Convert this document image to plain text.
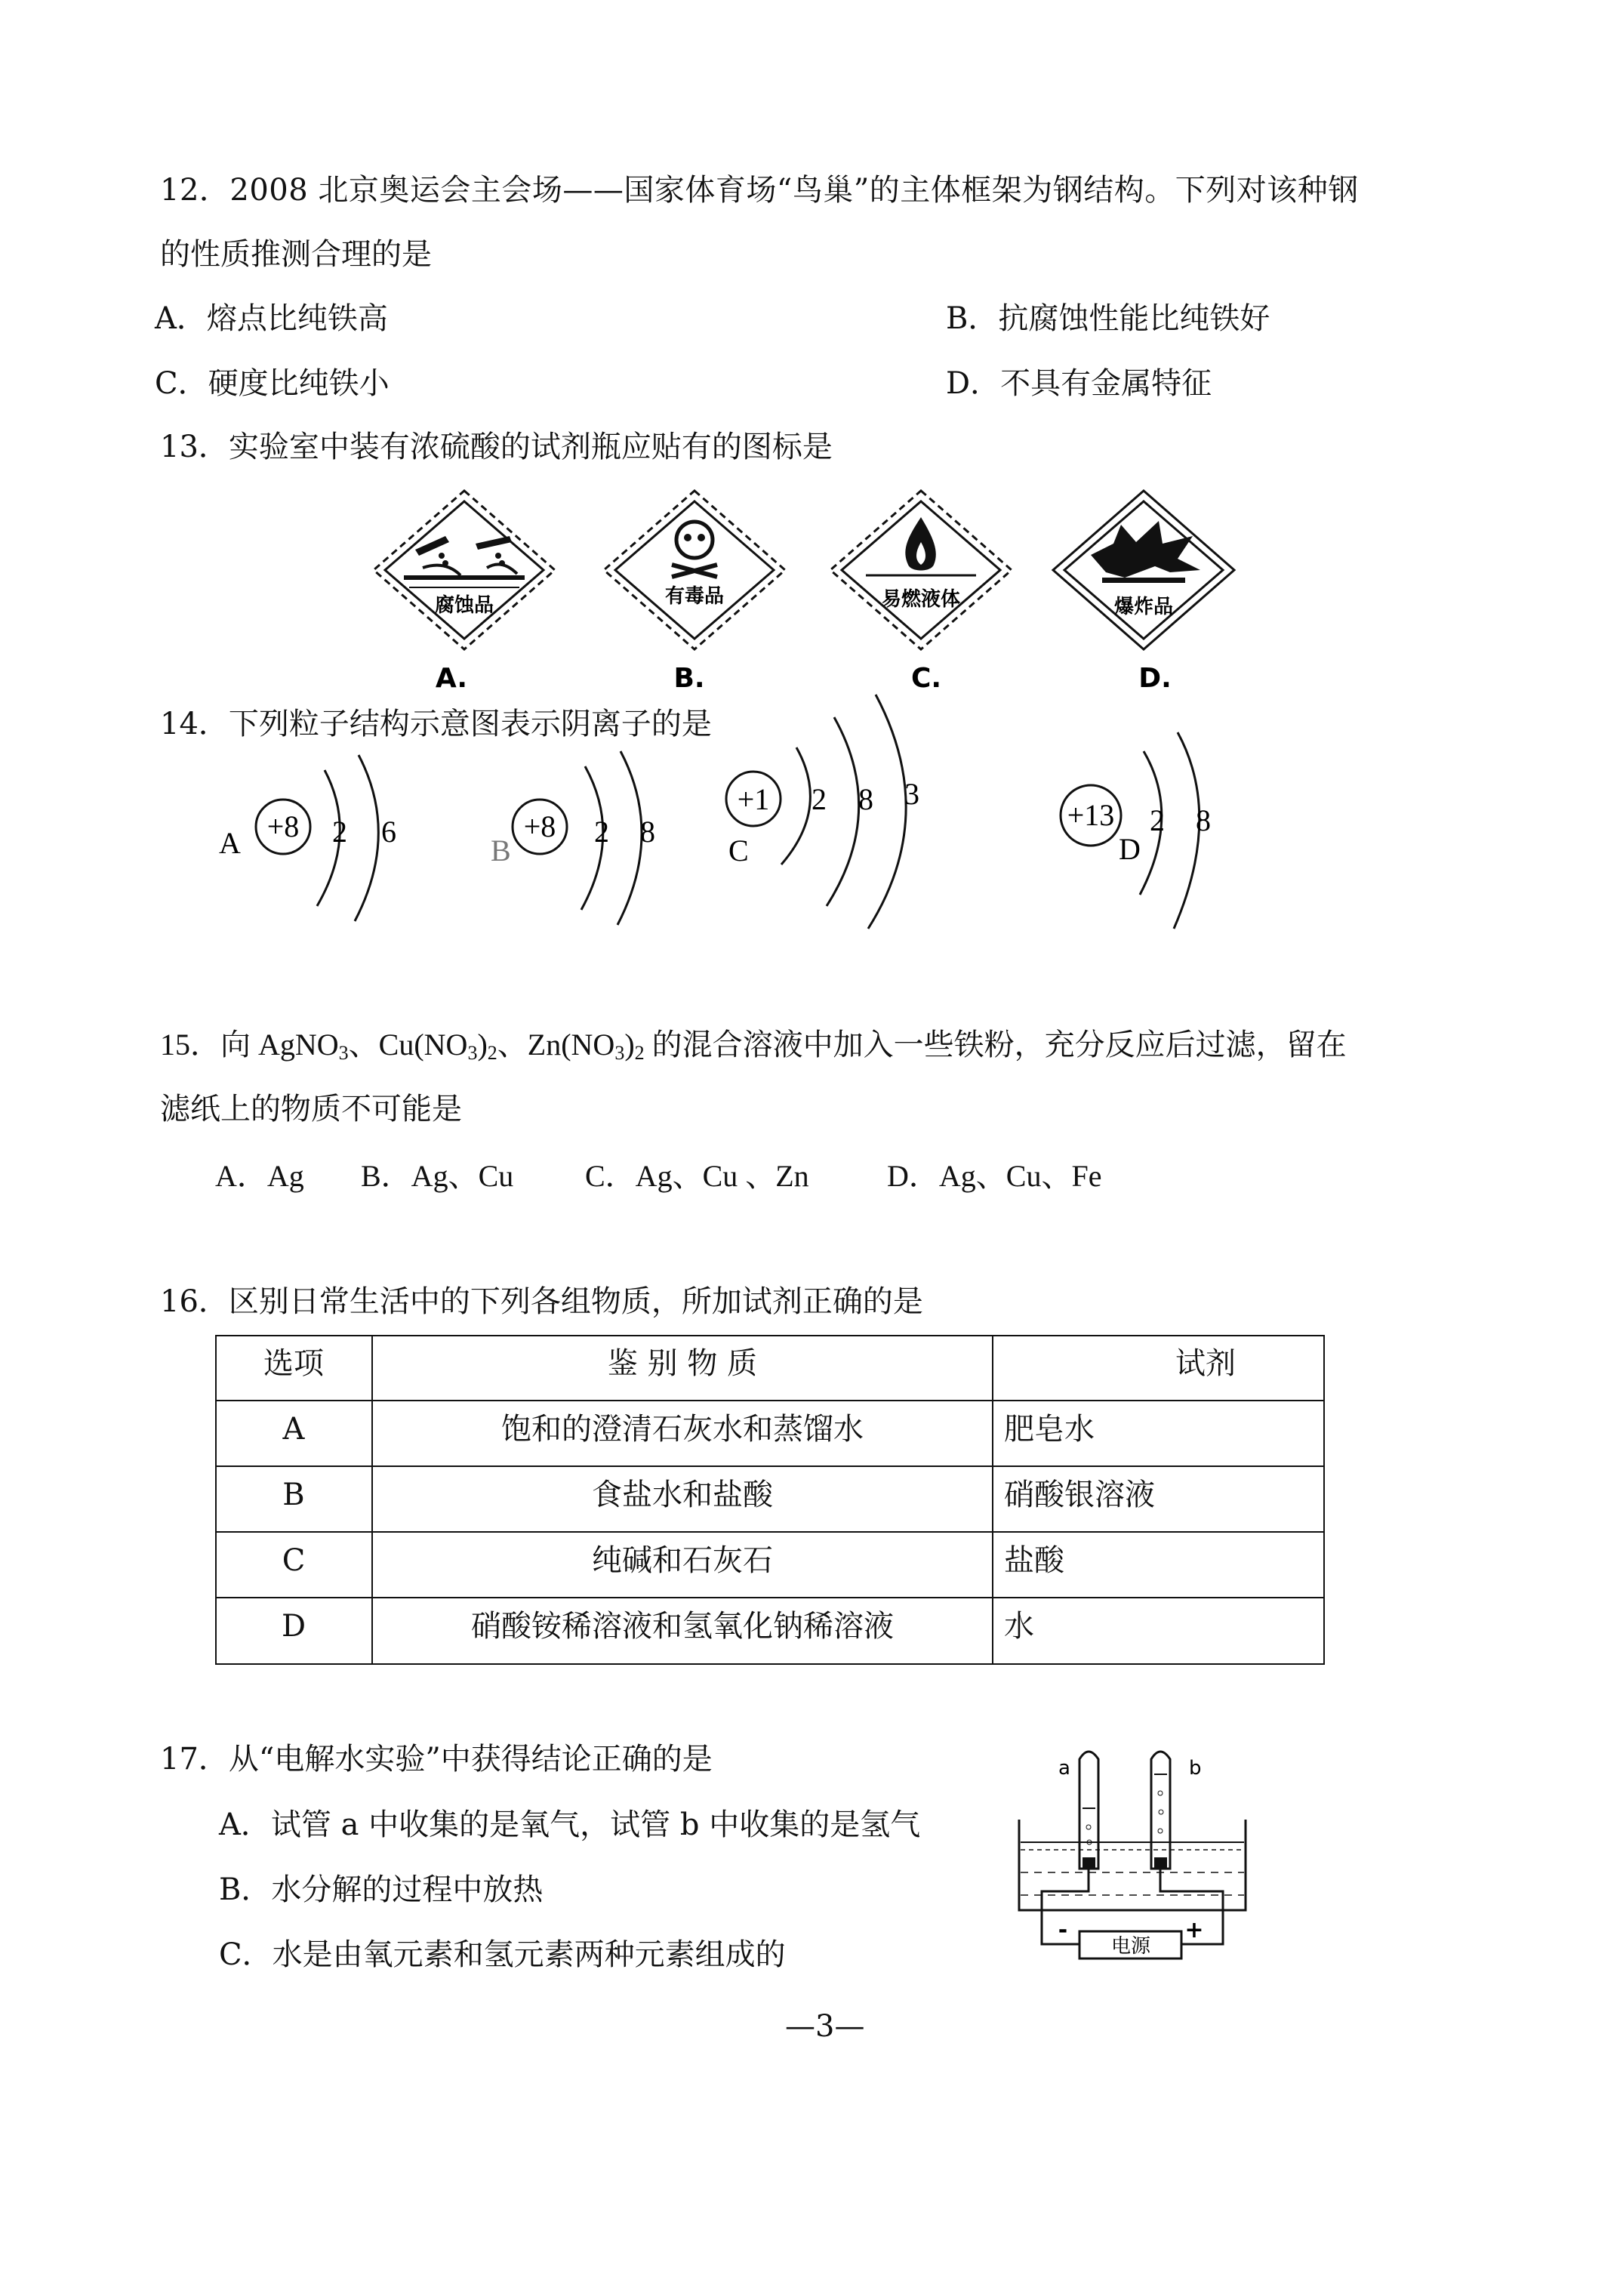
12．2008 北京奥运会主会场——国家体育场“鸟巢”的主体框架为钢结构。下列对该种钢
的性质推测合理的是
A．熔点比纯铁高	B．抗腐蚀性能比纯铁好
C．硬度比纯铁小	D．不具有金属特征
13．实验室中装有浓硫酸的试剂瓶应贴有的图标是
腐蚀品
A.
有毒品
B.
易燃液体
C.
爆炸品
D.
14．下列粒子结构示意图表示阴离子的是
A +8 2 6
B
+8 2 8
C
+1 2 8 3
D
+13 2 8
15．向 AgNO$_3$、$Cu(NO_3)_2$、$Zn(NO_3)_2$ 的混合溶液中加入一些铁粉，充分反应后过滤，留在
滤纸上的物质不可能是
A．Ag B．Ag、Cu C．Ag、Cu 、Zn	D．Ag、Cu、Fe
16．区别日常生活中的下列各组物质，所加试剂正确的是
选项	鉴 别 物 质	试剂
A	饱和的澄清石灰水和蒸馏水	肥皂水
B	食盐水和盐酸	硝酸银溶液
C	纯碱和石灰石	盐酸
D	硝酸铵稀溶液和氢氧化钠稀溶液	水
17．从“电解水实验”中获得结论正确的是
A．试管 a 中收集的是氧气，试管 b 中收集的是氢气
B．水分解的过程中放热
C．水是由氧元素和氢元素两种元素组成的	电源
-	+
a	b
—3—
